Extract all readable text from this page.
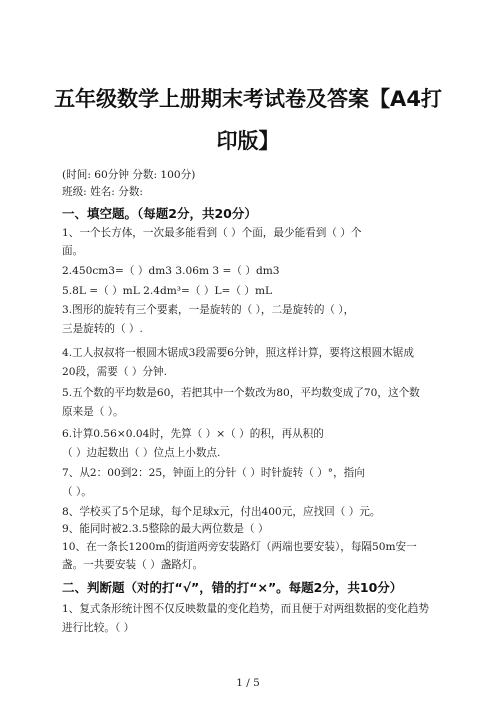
五年级数学上册期末考试卷及答案【A4打
印版】
(时间: 60分钟 分数: 100分)
班级: 姓名: 分数:
一、填空题。（每题2分，共20分）
1、一个长方体，一次最多能看到（ ）个面，最少能看到（ ）个
面。
2.450cm3=（ ）dm3 3.06m 3 =（ ）dm3
5.8L =（ ）mL 2.4dm³=（ ）L=（ ）mL
3.图形的旋转有三个要素，一是旋转的（ ），二是旋转的（ ），
三是旋转的（ ）.
4.工人叔叔将一根圆木锯成3段需要6分钟，照这样计算，要将这根圆木锯成
20段，需要（ ）分钟.
5.五个数的平均数是60，若把其中一个数改为80，平均数变成了70，这个数
原来是（ ）。
6.计算0.56×0.04时，先算（ ）×（ ）的积，再从积的
（ ）边起数出（ ）位点上小数点.
7、从2：00到2：25，钟面上的分针（ ）时针旋转（ ）°，指向
（ ）。
8、学校买了5个足球，每个足球x元，付出400元，应找回（ ）元。
9、能同时被2.3.5整除的最大两位数是（ ）
10、在一条长1200m的街道两旁安装路灯（两端也要安装），每隔50m安一
盏。一共要安装（ ）盏路灯。
二、判断题（对的打“√”，错的打“×”。每题2分，共10分）
1、复式条形统计图不仅反映数量的变化趋势，而且便于对两组数据的变化趋势
进行比较。（ ）
1 / 5
